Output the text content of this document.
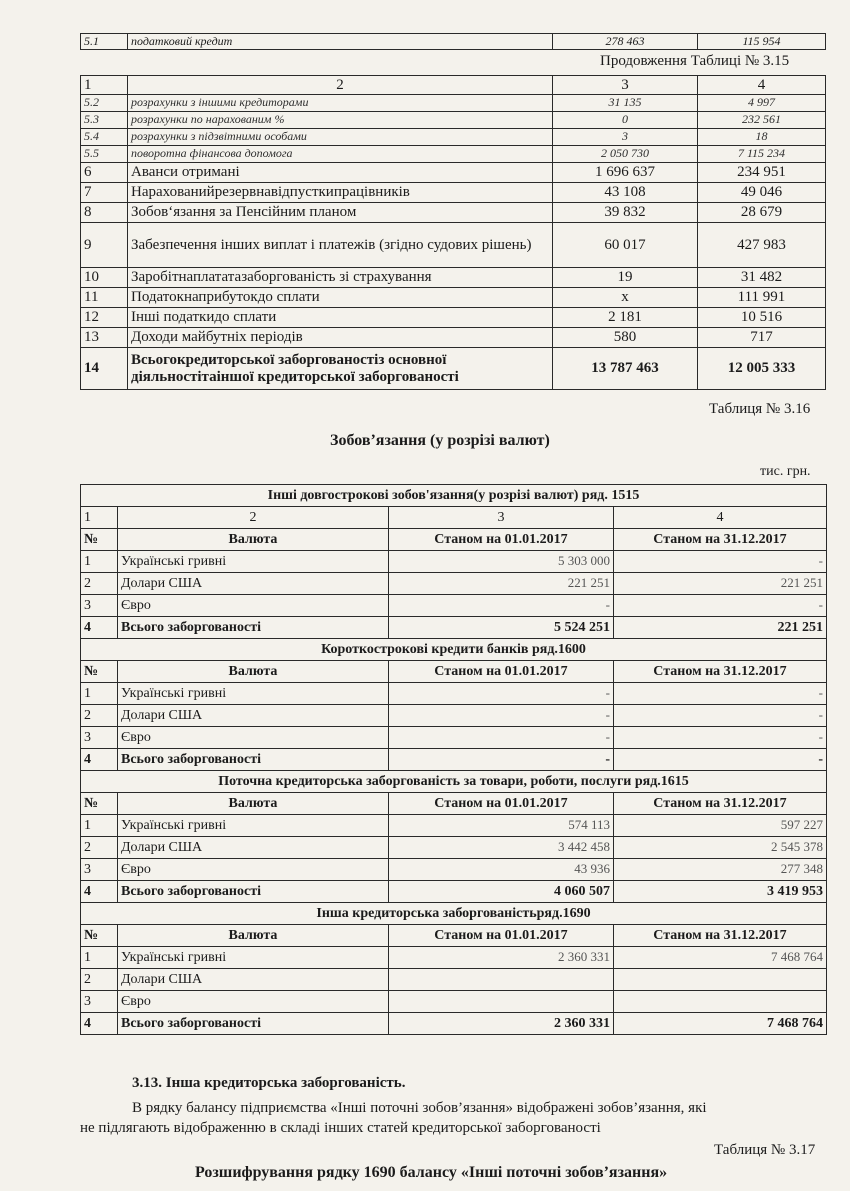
5.1	податковий кредит	278 463	115 954
Продовження Таблиці № 3.15
1	2	3	4
5.2	розрахунки з іншими кредиторами	31 135	4 997
5.3	розрахунки по нарахованим %	0	232 561
5.4	розрахунки з підзвітними особами	3	18
5.5	поворотна фінансова допомога	2 050 730	7 115 234
6	Аванси отримані	1 696 637	234 951
7	Нарахованийрезервнавідпусткипрацівників	43 108	49 046
8	Зобов‘язання за Пенсійним планом	39 832	28 679
9	Забезпечення інших виплат і платежів (згідно судових рішень)	60 017	427 983
10	Заробітнаплататазаборгованість зі страхування	19	31 482
11	Податокнаприбутокдо сплати	x	111 991
12	Інші податкидо сплати	2 181	10 516
13	Доходи майбутніх періодів	580	717
14	Всьогокредиторської заборгованостіз основної діяльностітаіншої кредиторської заборгованості	13 787 463	12 005 333
Таблиця № 3.16
Зобов’язання (у розрізі валют)
тис. грн.
Інші довгострокові зобов'язання(у розрізі валют) ряд. 1515			
1	2	3	4
№	Валюта	Станом на 01.01.2017	Станом на 31.12.2017
1	Українські гривні	5 303 000	-
2	Долари США	221 251	221 251
3	Євро	-	-
4	Всього заборгованості	5 524 251	221 251
Короткострокові кредити банків ряд.1600			
№	Валюта	Станом на 01.01.2017	Станом на 31.12.2017
1	Українські гривні	-	-
2	Долари США	-	-
3	Євро	-	-
4	Всього заборгованості	-	-
Поточна кредиторська заборгованість за товари, роботи, послуги ряд.1615			
№	Валюта	Станом на 01.01.2017	Станом на 31.12.2017
1	Українські гривні	574 113	597 227
2	Долари США	3 442 458	2 545 378
3	Євро	43 936	277 348
4	Всього заборгованості	4 060 507	3 419 953
Інша кредиторська заборгованістьряд.1690			
№	Валюта	Станом на 01.01.2017	Станом на 31.12.2017
1	Українські гривні	2 360 331	7 468 764
2	Долари США		
3	Євро		
4	Всього заборгованості	2 360 331	7 468 764
3.13. Інша кредиторська заборгованість.
В рядку балансу підприємства «Інші поточні зобов’язання» відображені зобов’язання, які
не підлягають відображенню в складі інших статей кредиторської заборгованості
Таблиця № 3.17
Розшифрування рядку 1690 балансу «Інші поточні зобов’язання»
